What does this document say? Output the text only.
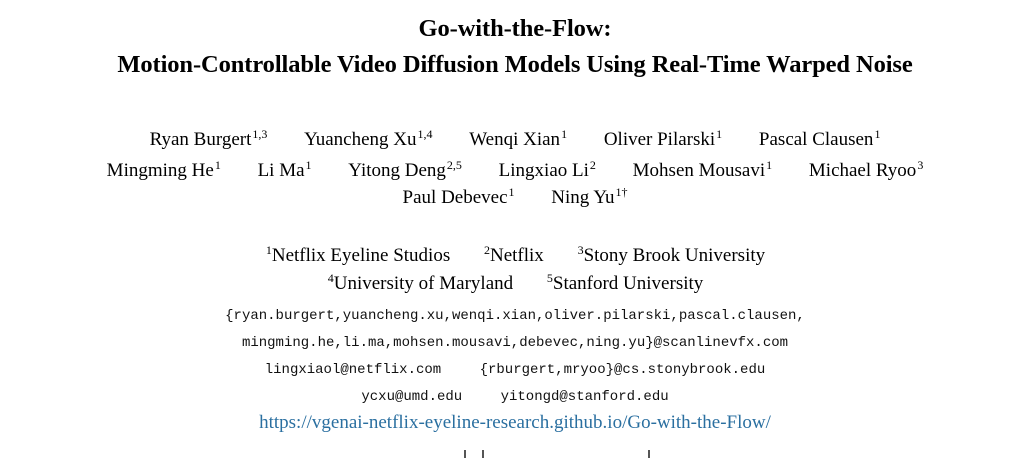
Go-with-the-Flow:
Motion-Controllable Video Diffusion Models Using Real-Time Warped Noise
Ryan Burgert$^{1,3}$ Yuancheng Xu$^{1,4}$ Wenqi Xian$^1$ Oliver Pilarski$^1$ Pascal Clausen$^1$
Mingming He$^1$ Li Ma$^1$ Yitong Deng$^{2,5}$ Lingxiao Li$^2$ Mohsen Mousavi$^1$ Michael Ryoo$^3$
Paul Debevec$^1$ Ning $Yu^{1\dagger}$
$^1$Netflix Eyeline Studios	$^2$Netflix	$^3$Stony Brook University
$^4$University of Maryland	$^5$Stanford University
{ryan.burgert,yuancheng.xu,wenqi.xian,oliver.pilarski,pascal.clausen,
mingming.he,li.ma,mohsen.mousavi,debevec,ning.yu}@scanlinevfx.com
lingxiaol@netflix.com	{rburgert,mryoo}@cs.stonybrook.edu
ycxu@umd.edu	yitongd@stanford.edu
https://vgenai-netflix-eyeline-research.github.io/Go-with-the-Flow/
